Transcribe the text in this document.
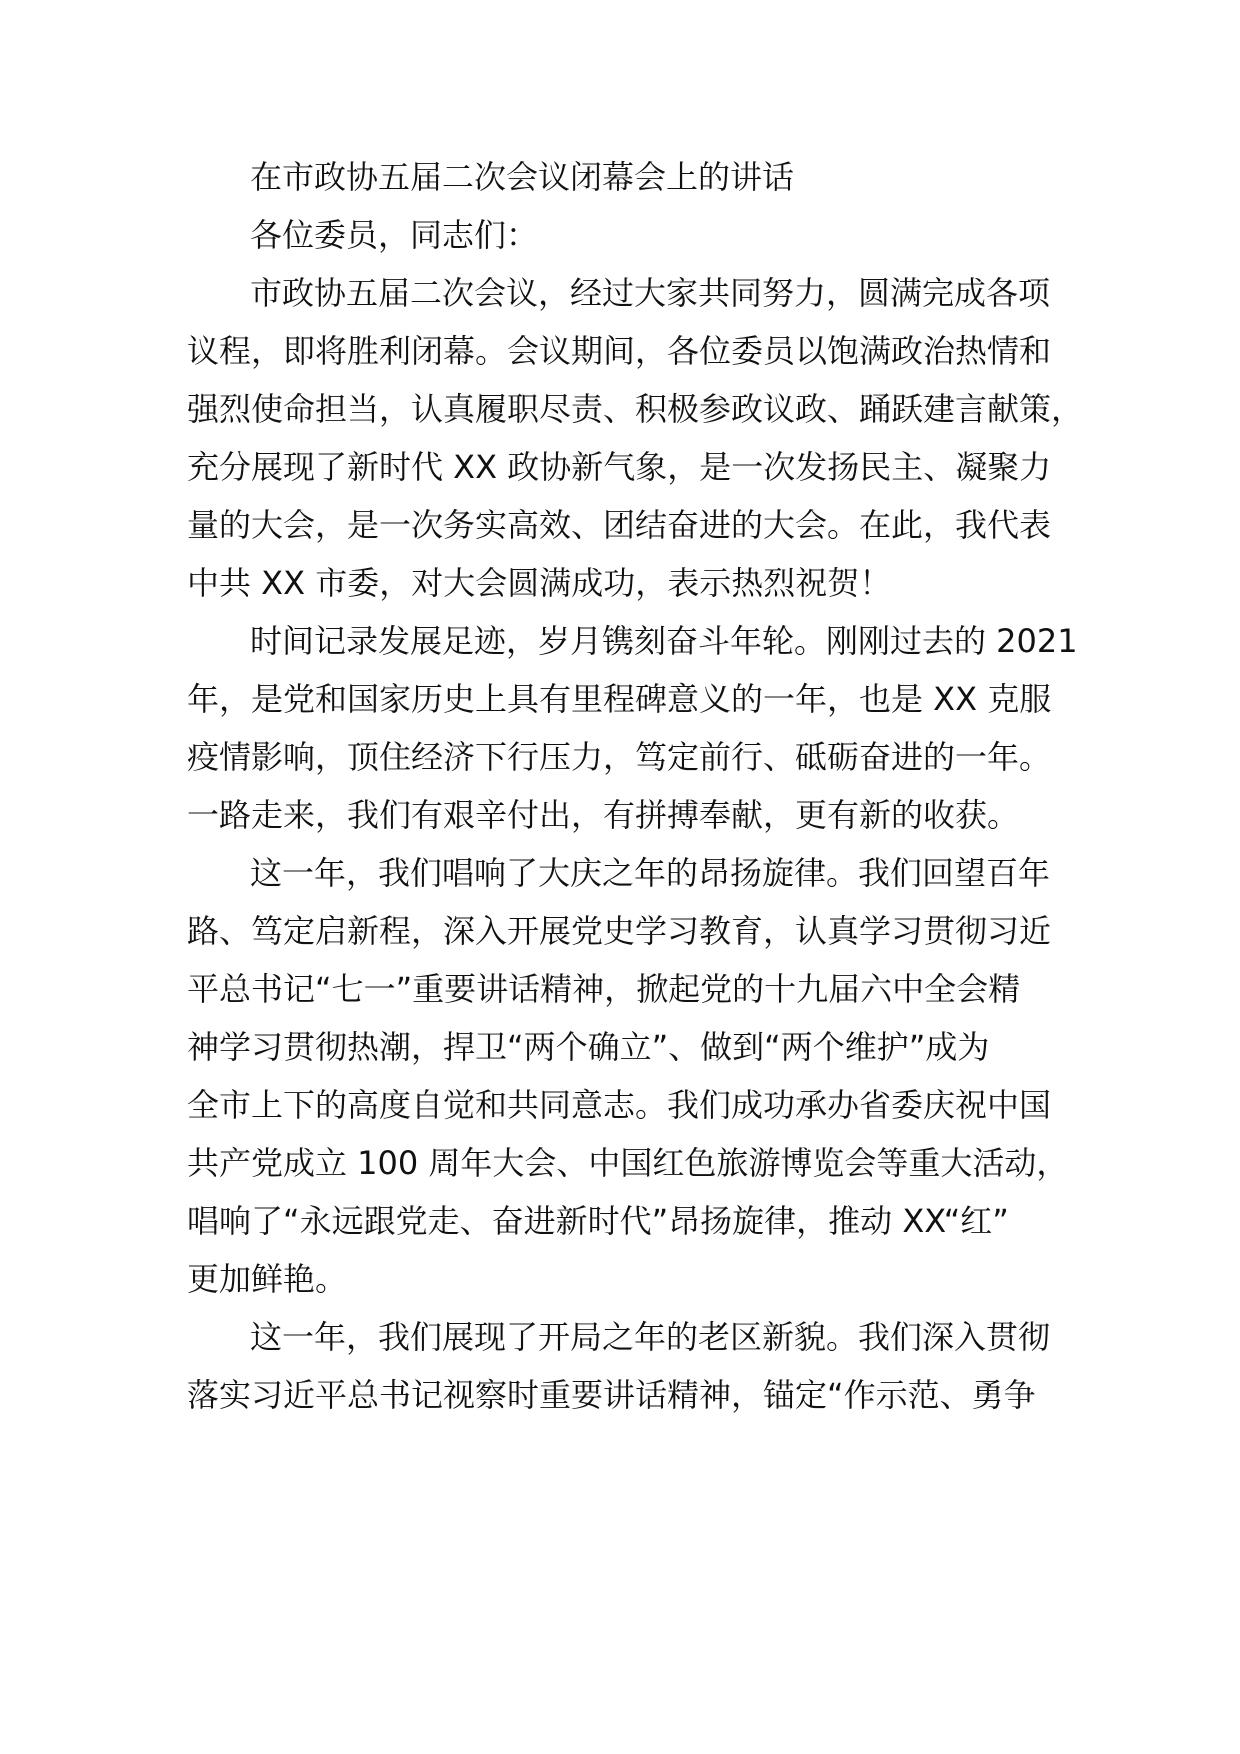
在市政协五届二次会议闭幕会上的讲话
各位委员，同志们：
市政协五届二次会议，经过大家共同努力，圆满完成各项
议程，即将胜利闭幕。会议期间，各位委员以饱满政治热情和
强烈使命担当，认真履职尽责、积极参政议政、踊跃建言献策，
充分展现了新时代 XX 政协新气象，是一次发扬民主、凝聚力
量的大会，是一次务实高效、团结奋进的大会。在此，我代表
中共 XX 市委，对大会圆满成功，表示热烈祝贺！
时间记录发展足迹，岁月镌刻奋斗年轮。刚刚过去的 2021
年，是党和国家历史上具有里程碑意义的一年，也是 XX 克服
疫情影响，顶住经济下行压力，笃定前行、砥砺奋进的一年。
一路走来，我们有艰辛付出，有拼搏奉献，更有新的收获。
这一年，我们唱响了大庆之年的昂扬旋律。我们回望百年
路、笃定启新程，深入开展党史学习教育，认真学习贯彻习近
平总书记“七一”重要讲话精神，掀起党的十九届六中全会精
神学习贯彻热潮，捍卫“两个确立”、做到“两个维护”成为
全市上下的高度自觉和共同意志。我们成功承办省委庆祝中国
共产党成立 100 周年大会、中国红色旅游博览会等重大活动，
唱响了“永远跟党走、奋进新时代”昂扬旋律，推动 XX“红”
更加鲜艳。
这一年，我们展现了开局之年的老区新貌。我们深入贯彻
落实习近平总书记视察时重要讲话精神，锚定“作示范、勇争
